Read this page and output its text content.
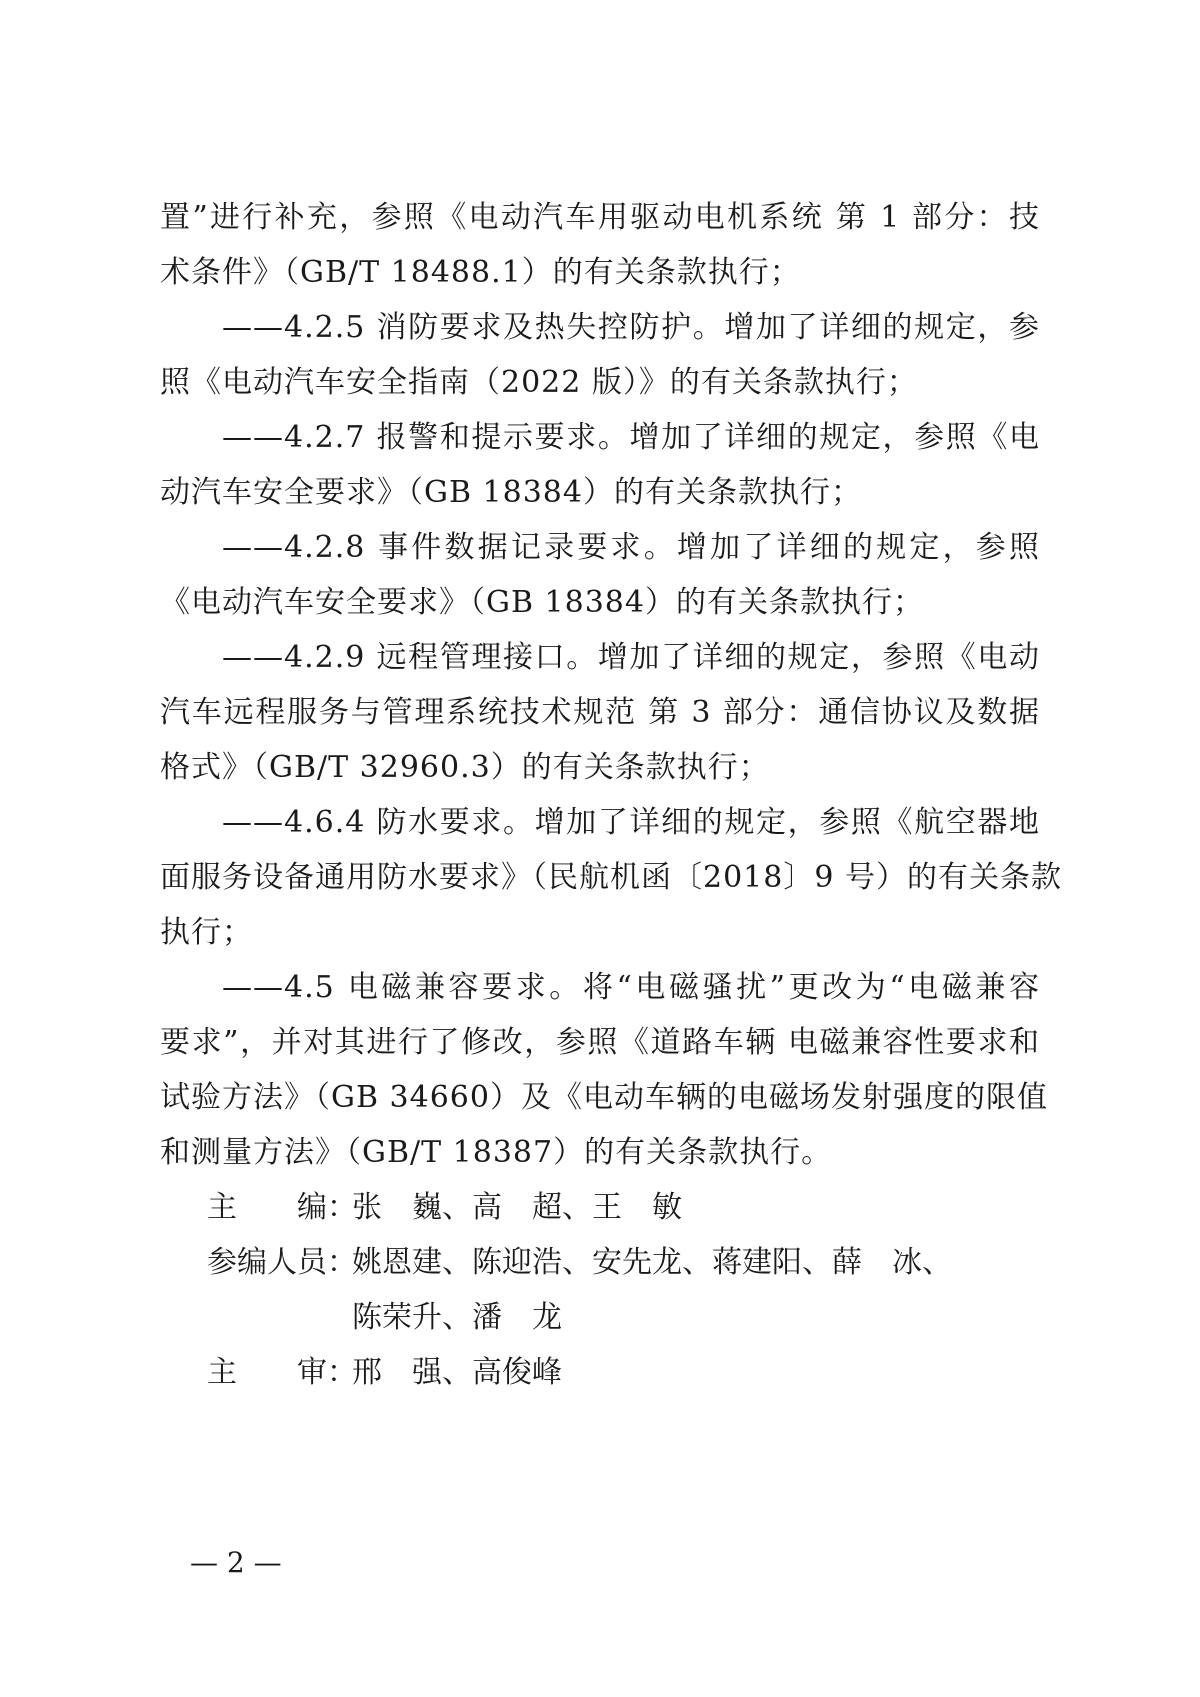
置”进行补充，参照《电动汽车用驱动电机系统 第 1 部分：技
术条件》（GB/T 18488.1）的有关条款执行；
——4.2.5 消防要求及热失控防护。增加了详细的规定，参
照《电动汽车安全指南（2022 版）》的有关条款执行；
——4.2.7 报警和提示要求。增加了详细的规定，参照《电
动汽车安全要求》（GB 18384）的有关条款执行；
——4.2.8 事件数据记录要求。增加了详细的规定，参照
《电动汽车安全要求》（GB 18384）的有关条款执行；
——4.2.9 远程管理接口。增加了详细的规定，参照《电动
汽车远程服务与管理系统技术规范 第 3 部分：通信协议及数据
格式》（GB/T 32960.3）的有关条款执行；
——4.6.4 防水要求。增加了详细的规定，参照《航空器地
面服务设备通用防水要求》（民航机函〔2018〕9 号）的有关条款
执行；
——4.5 电磁兼容要求。将“电磁骚扰”更改为“电磁兼容
要求”，并对其进行了修改，参照《道路车辆 电磁兼容性要求和
试验方法》（GB 34660）及《电动车辆的电磁场发射强度的限值
和测量方法》（GB/T 18387）的有关条款执行。
主　　编：
张　巍、高　超、王　敏
参编人员：
姚恩建、陈迎浩、安先龙、蒋建阳、薛　冰、
陈荣升、潘　龙
主　　审：
邢　强、高俊峰
— 2 —
